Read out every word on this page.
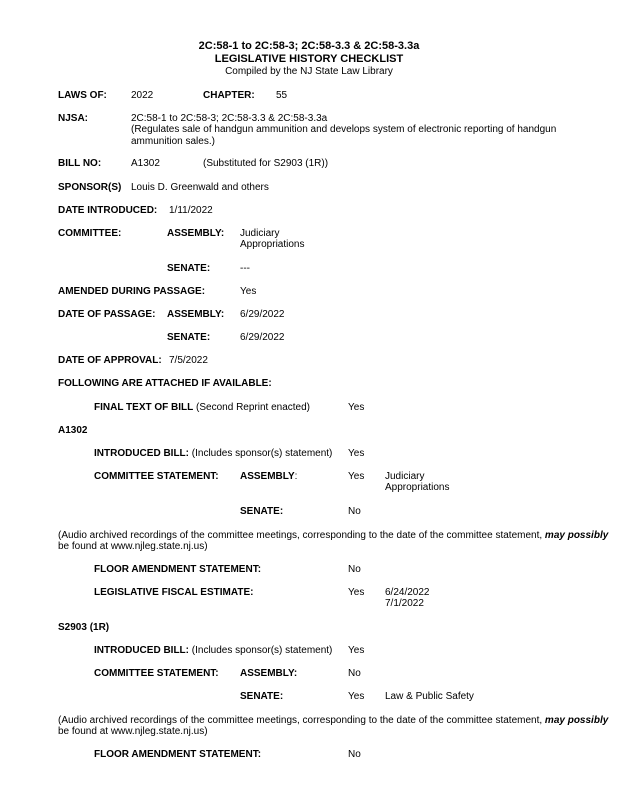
2C:58-1 to 2C:58-3; 2C:58-3.3 & 2C:58-3.3a
LEGISLATIVE HISTORY CHECKLIST
Compiled by the NJ State Law Library
LAWS OF: 2022	CHAPTER: 55
NJSA:	2C:58-1 to 2C:58-3; 2C:58-3.3 & 2C:58-3.3a
(Regulates sale of handgun ammunition and develops system of electronic reporting of handgun ammunition sales.)
BILL NO:	A1302	(Substituted for S2903 (1R))
SPONSOR(S) Louis D. Greenwald and others
DATE INTRODUCED: 1/11/2022
COMMITTEE:	ASSEMBLY: Judiciary
Appropriations
SENATE:	---
AMENDED DURING PASSAGE:	Yes
DATE OF PASSAGE: ASSEMBLY: 6/29/2022
SENATE:	6/29/2022
DATE OF APPROVAL: 7/5/2022
FOLLOWING ARE ATTACHED IF AVAILABLE:
FINAL TEXT OF BILL (Second Reprint enacted)	Yes
A1302
INTRODUCED BILL: (Includes sponsor(s) statement) Yes
COMMITTEE STATEMENT: ASSEMBLY:	Yes Judiciary
Appropriations
SENATE:	No
(Audio archived recordings of the committee meetings, corresponding to the date of the committee statement, may possibly
be found at www.njleg.state.nj.us)
FLOOR AMENDMENT STATEMENT:	No
LEGISLATIVE FISCAL ESTIMATE:	Yes 6/24/2022
7/1/2022
S2903 (1R)
INTRODUCED BILL: (Includes sponsor(s) statement) Yes
COMMITTEE STATEMENT: ASSEMBLY:	No
SENATE:	Yes Law & Public Safety
(Audio archived recordings of the committee meetings, corresponding to the date of the committee statement, may possibly
be found at www.njleg.state.nj.us)
FLOOR AMENDMENT STATEMENT:	No
